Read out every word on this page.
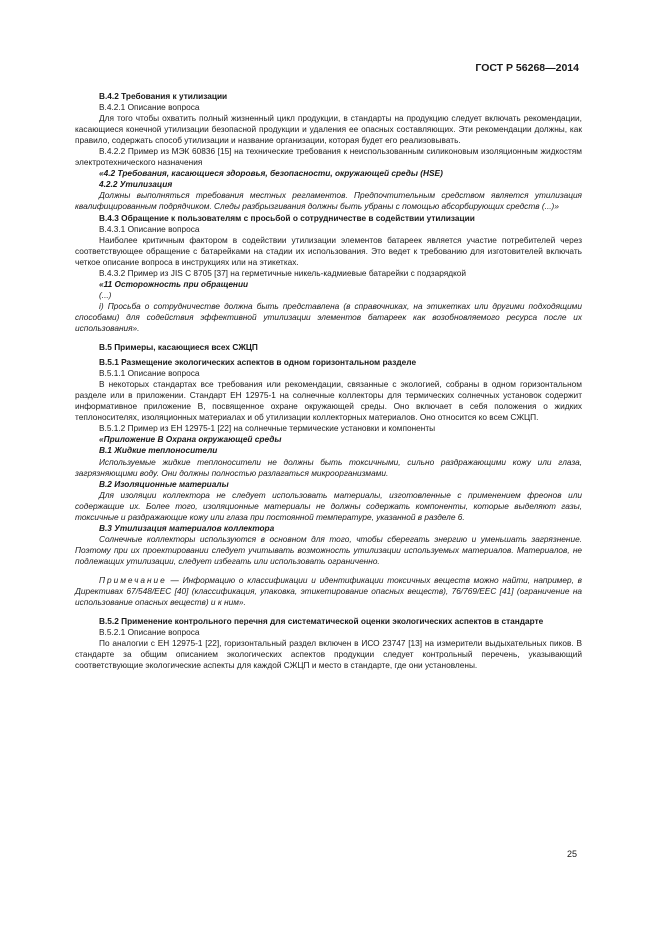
ГОСТ Р 56268—2014

В.4.2 Требования к утилизации

В.4.2.1 Описание вопроса

Для того чтобы охватить полный жизненный цикл продукции, в стандарты на продукцию следует включать рекомендации, касающиеся конечной утилизации безопасной продукции и удаления ее опасных составляющих. Эти рекомендации должны, как правило, содержать способ утилизации и название организации, которая будет его реализовывать.

В.4.2.2 Пример из МЭК 60836 [15] на технические требования к неиспользованным силиконовым изоляционным жидкостям электротехнического назначения

«4.2 Требования, касающиеся здоровья, безопасности, окружающей среды (HSE)

4.2.2 Утилизация

Должны выполняться требования местных регламентов. Предпочтительным средством является утилизация квалифицированным подрядчиком. Следы разбрызгивания должны быть убраны с помощью абсорбирующих средств (...)»

В.4.3 Обращение к пользователям с просьбой о сотрудничестве в содействии утилизации

В.4.3.1 Описание вопроса

Наиболее критичным фактором в содействии утилизации элементов батареек является участие потребителей через соответствующее обращение с батарейками на стадии их использования. Это ведет к требованию для изготовителей включать четкое описание вопроса в инструкциях или на этикетках.

В.4.3.2 Пример из JIS C 8705 [37] на герметичные никель-кадмиевые батарейки с подзарядкой

«11 Осторожность при обращении

(...)

i) Просьба о сотрудничестве должна быть представлена (в справочниках, на этикетках или другими подходящими способами) для содействия эффективной утилизации элементов батареек как возобновляемого ресурса после их использования».

В.5 Примеры, касающиеся всех СЖЦП

В.5.1 Размещение экологических аспектов в одном горизонтальном разделе

В.5.1.1 Описание вопроса

В некоторых стандартах все требования или рекомендации, связанные с экологией, собраны в одном горизонтальном разделе или в приложении. Стандарт ЕН 12975-1 на солнечные коллекторы для термических солнечных установок содержит информативное приложение В, посвященное охране окружающей среды. Оно включает в себя положения о жидких теплоносителях, изоляционных материалах и об утилизации коллекторных материалов. Оно относится ко всем СЖЦП.

В.5.1.2 Пример из ЕН 12975-1 [22] на солнечные термические установки и компоненты

«Приложение В Охрана окружающей среды

В.1 Жидкие теплоносители

Используемые жидкие теплоносители не должны быть токсичными, сильно раздражающими кожу или глаза, загрязняющими воду. Они должны полностью разлагаться микроорганизмами.

В.2 Изоляционные материалы

Для изоляции коллектора не следует использовать материалы, изготовленные с применением фреонов или содержащие их. Более того, изоляционные материалы не должны содержать компоненты, которые выделяют газы, токсичные и раздражающие кожу или глаза при постоянной температуре, указанной в разделе 6.

В.3 Утилизация материалов коллектора

Солнечные коллекторы используются в основном для того, чтобы сберегать энергию и уменьшать загрязнение. Поэтому при их проектировании следует учитывать возможность утилизации используемых материалов. Материалов, не подлежащих утилизации, следует избегать или использовать ограниченно.

Примечание — Информацию о классификации и идентификации токсичных веществ можно найти, например, в Директивах 67/548/ЕЕС [40] (классификация, упаковка, этикетирование опасных веществ), 76/769/ЕЕС [41] (ограничение на использование опасных веществ) и к ним».

В.5.2 Применение контрольного перечня для систематической оценки экологических аспектов в стандарте

В.5.2.1 Описание вопроса

По аналогии с ЕН 12975-1 [22], горизонтальный раздел включен в ИСО 23747 [13] на измерители выдыхательных пиков. В стандарте за общим описанием экологических аспектов продукции следует контрольный перечень, указывающий соответствующие экологические аспекты для каждой СЖЦП и место в стандарте, где они установлены.

25
